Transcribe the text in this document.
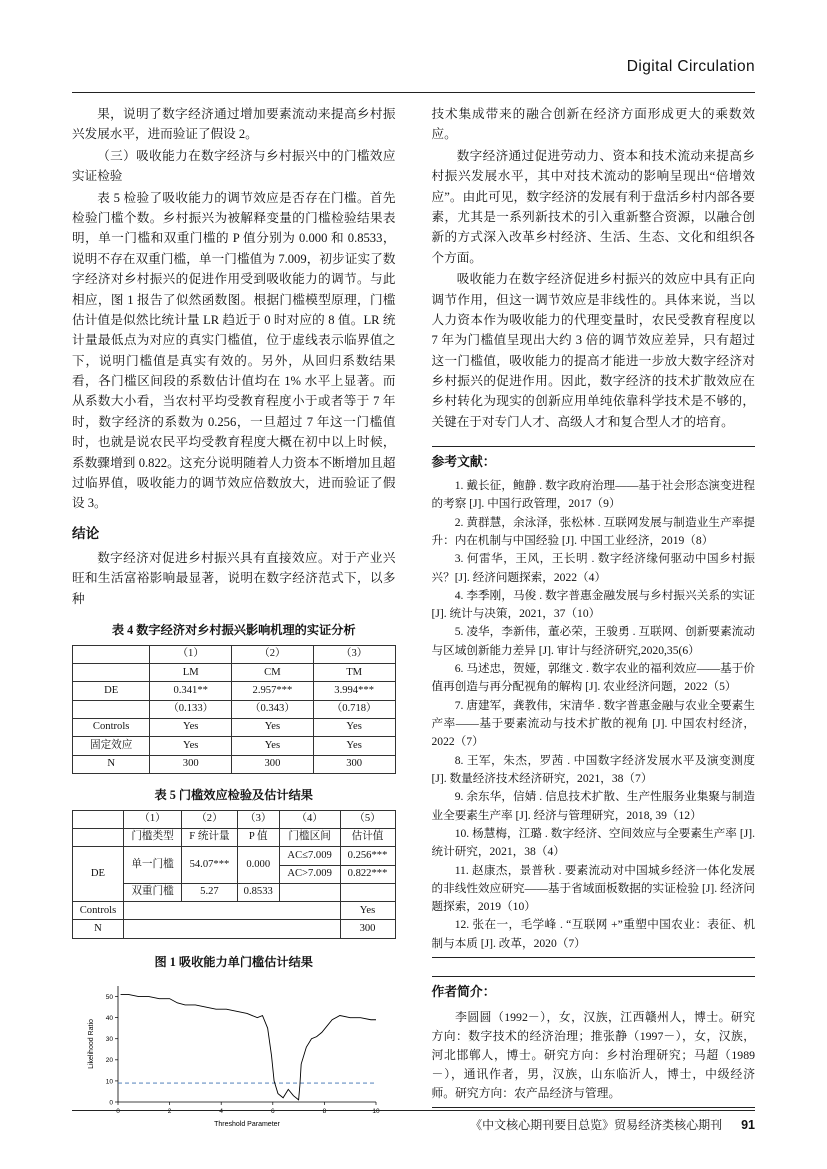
Digital Circulation

果，说明了数字经济通过增加要素流动来提高乡村振兴发展水平，进而验证了假设 2。

（三）吸收能力在数字经济与乡村振兴中的门槛效应实证检验

表 5 检验了吸收能力的调节效应是否存在门槛。首先检验门槛个数。乡村振兴为被解释变量的门槛检验结果表明，单一门槛和双重门槛的 P 值分别为 0.000 和 0.8533，说明不存在双重门槛，单一门槛值为 7.009，初步证实了数字经济对乡村振兴的促进作用受到吸收能力的调节。与此相应，图 1 报告了似然函数图。根据门槛模型原理，门槛估计值是似然比统计量 LR 趋近于 0 时对应的 8 值。LR 统计量最低点为对应的真实门槛值，位于虚线表示临界值之下，说明门槛值是真实有效的。另外，从回归系数结果看，各门槛区间段的系数估计值均在 1% 水平上显著。而从系数大小看，当农村平均受教育程度小于或者等于 7 年时，数字经济的系数为 0.256，一旦超过 7 年这一门槛值时，也就是说农民平均受教育程度大概在初中以上时候，系数骤增到 0.822。这充分说明随着人力资本不断增加且超过临界值，吸收能力的调节效应倍数放大，进而验证了假设 3。

结论

数字经济对促进乡村振兴具有直接效应。对于产业兴旺和生活富裕影响最显著，说明在数字经济范式下，以多种

表 4 数字经济对乡村振兴影响机理的实证分析
	（1）	（2）	（3）
	LM	CM	TM
DE	0.341**	2.957***	3.994***
	（0.133）	（0.343）	（0.718）
Controls	Yes	Yes	Yes
固定效应	Yes	Yes	Yes
N	300	300	300
表 5 门槛效应检验及估计结果
	（1）	（2）	（3）	（4）	（5）
	门槛类型	F 统计量	P 值	门槛区间	估计值
DE	单一门槛	54.07***	0.000	AC≤7.009	0.256***
				AC>7.009	0.822***
	双重门槛	5.27	0.8533		
Controls					Yes
N					300
图 1 吸收能力单门槛估计结果
0
10
20
30
40
50
0	2	4	6	8	10
Threshold Parameter
Likelihood Ratio

技术集成带来的融合创新在经济方面形成更大的乘数效应。

数字经济通过促进劳动力、资本和技术流动来提高乡村振兴发展水平，其中对技术流动的影响呈现出“倍增效应”。由此可见，数字经济的发展有利于盘活乡村内部各要素，尤其是一系列新技术的引入重新整合资源，以融合创新的方式深入改革乡村经济、生活、生态、文化和组织各个方面。

吸收能力在数字经济促进乡村振兴的效应中具有正向调节作用，但这一调节效应是非线性的。具体来说，当以人力资本作为吸收能力的代理变量时，农民受教育程度以 7 年为门槛值呈现出大约 3 倍的调节效应差异，只有超过这一门槛值，吸收能力的提高才能进一步放大数字经济对乡村振兴的促进作用。因此，数字经济的技术扩散效应在乡村转化为现实的创新应用单纯依靠科学技术是不够的，关键在于对专门人才、高级人才和复合型人才的培育。

参考文献：

1. 戴长征，鲍静 . 数字政府治理——基于社会形态演变进程的考察 [J]. 中国行政管理，2017（9）
2. 黄群慧，余泳泽，张松林 . 互联网发展与制造业生产率提升：内在机制与中国经验 [J]. 中国工业经济，2019（8）
3. 何雷华，王风，王长明 . 数字经济缘何驱动中国乡村振兴？[J]. 经济问题探索，2022（4）
4. 李季刚，马俊 . 数字普惠金融发展与乡村振兴关系的实证 [J]. 统计与决策，2021，37（10）
5. 凌华，李新伟，董必荣，王骏勇 . 互联网、创新要素流动与区域创新能力差异 [J]. 审计与经济研究,2020,35(6）
6. 马述忠，贺娅，郭继文 . 数字农业的福利效应——基于价值再创造与再分配视角的解构 [J]. 农业经济问题，2022（5）
7. 唐建军，龚教伟，宋清华 . 数字普惠金融与农业全要素生产率——基于要素流动与技术扩散的视角 [J]. 中国农村经济，2022（7）
8. 王军，朱杰，罗茜 . 中国数字经济发展水平及演变测度 [J]. 数量经济技术经济研究，2021，38（7）
9. 余东华，信婧 . 信息技术扩散、生产性服务业集聚与制造业全要素生产率 [J]. 经济与管理研究，2018, 39（12）
10. 杨慧梅，江璐 . 数字经济、空间效应与全要素生产率 [J]. 统计研究，2021，38（4）
11. 赵康杰，景普秋 . 要素流动对中国城乡经济一体化发展的非线性效应研究——基于省域面板数据的实证检验 [J]. 经济问题探索，2019（10）
12. 张在一，毛学峰 . “互联网 +”重塑中国农业：表征、机制与本质 [J]. 改革，2020（7）

作者简介：

李圆圆（1992－），女，汉族，江西赣州人，博士。研究方向：数字技术的经济治理；推张静（1997－），女，汉族，河北邯郸人，博士。研究方向：乡村治理研究；马超（1989－），通讯作者，男，汉族，山东临沂人，博士，中级经济师。研究方向：农产品经济与管理。

《中文核心期刊要目总览》贸易经济类核心期刊 91
